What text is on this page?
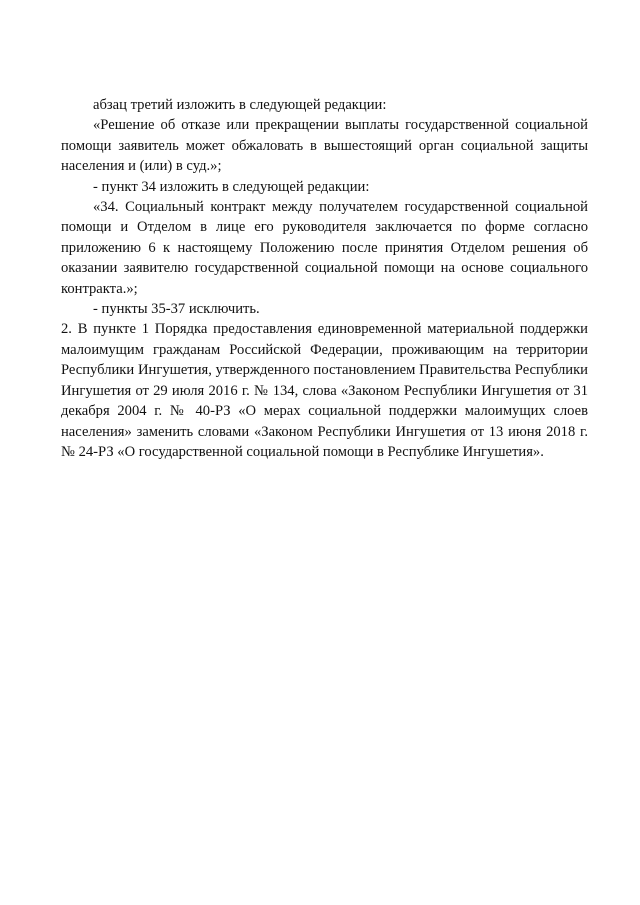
абзац третий изложить в следующей редакции:

«Решение об отказе или прекращении выплаты государственной социальной помощи заявитель может обжаловать в вышестоящий орган социальной защиты населения и (или) в суд.»;

- пункт 34 изложить в следующей редакции:

«34. Социальный контракт между получателем государственной социальной помощи и Отделом в лице его руководителя заключается по форме согласно приложению 6 к настоящему Положению после принятия Отделом решения об оказании заявителю государственной социальной помощи на основе социального контракта.»;

- пункты 35-37 исключить.

2. В пункте 1 Порядка предоставления единовременной материальной поддержки малоимущим гражданам Российской Федерации, проживающим на территории Республики Ингушетия, утвержденного постановлением Правительства Республики Ингушетия от 29 июля 2016 г. № 134, слова «Законом Республики Ингушетия от 31 декабря 2004 г. № 40-РЗ «О мерах социальной поддержки малоимущих слоев населения» заменить словами «Законом Республики Ингушетия от 13 июня 2018 г. № 24-РЗ «О государственной социальной помощи в Республике Ингушетия».
